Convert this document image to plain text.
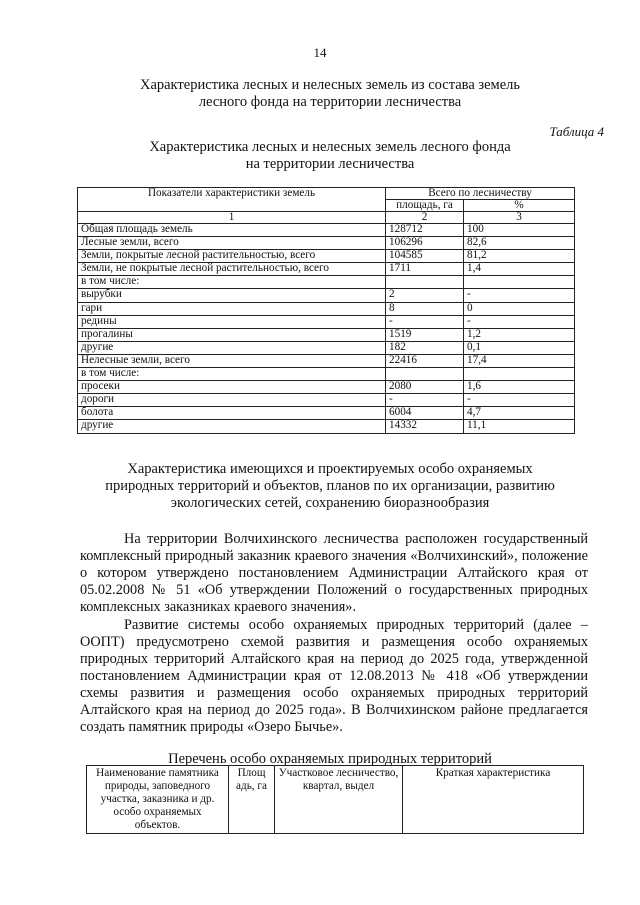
14
Характеристика лесных и нелесных земель из состава земель
лесного фонда на территории лесничества
Таблица 4
Характеристика лесных и нелесных земель лесного фонда
на территории лесничества
Показатели характеристики земель	Всего по лесничеству	
	площадь, га	%
1	2	3
Общая площадь земель	128712	100
Лесные земли, всего	106296	82,6
Земли, покрытые лесной растительностью, всего	104585	81,2
Земли, не покрытые лесной растительностью, всего	1711	1,4
в том числе:		
вырубки	2	-
гари	8	0
редины	-	-
прогалины	1519	1,2
другие	182	0,1
Нелесные земли, всего	22416	17,4
в том числе:		
просеки	2080	1,6
дороги	-	-
болота	6004	4,7
другие	14332	11,1
Характеристика имеющихся и проектируемых особо охраняемых
природных территорий и объектов, планов по их организации, развитию
экологических сетей, сохранению биоразнообразия

На территории Волчихинского лесничества расположен государственный комплексный природный заказник краевого значения «Волчихинский», положение о котором утверждено постановлением Администрации Алтайского края от 05.02.2008 № 51 «Об утверждении Положений о государственных природных комплексных заказниках краевого значения».

Развитие системы особо охраняемых природных территорий (далее – ООПТ) предусмотрено схемой развития и размещения особо охраняемых природных территорий Алтайского края на период до 2025 года, утвержденной постановлением Администрации края от 12.08.2013 № 418 «Об утверждении схемы развития и размещения особо охраняемых природных территорий Алтайского края на период до 2025 года». В Волчихинском районе предлагается создать памятник природы «Озеро Бычье».

Перечень особо охраняемых природных территорий
Наименование памятника природы, заповедного участка, заказника и др. особо охраняемых объектов.	Площ адь, га	Участковое лесничество, квартал, выдел	Краткая характеристика
